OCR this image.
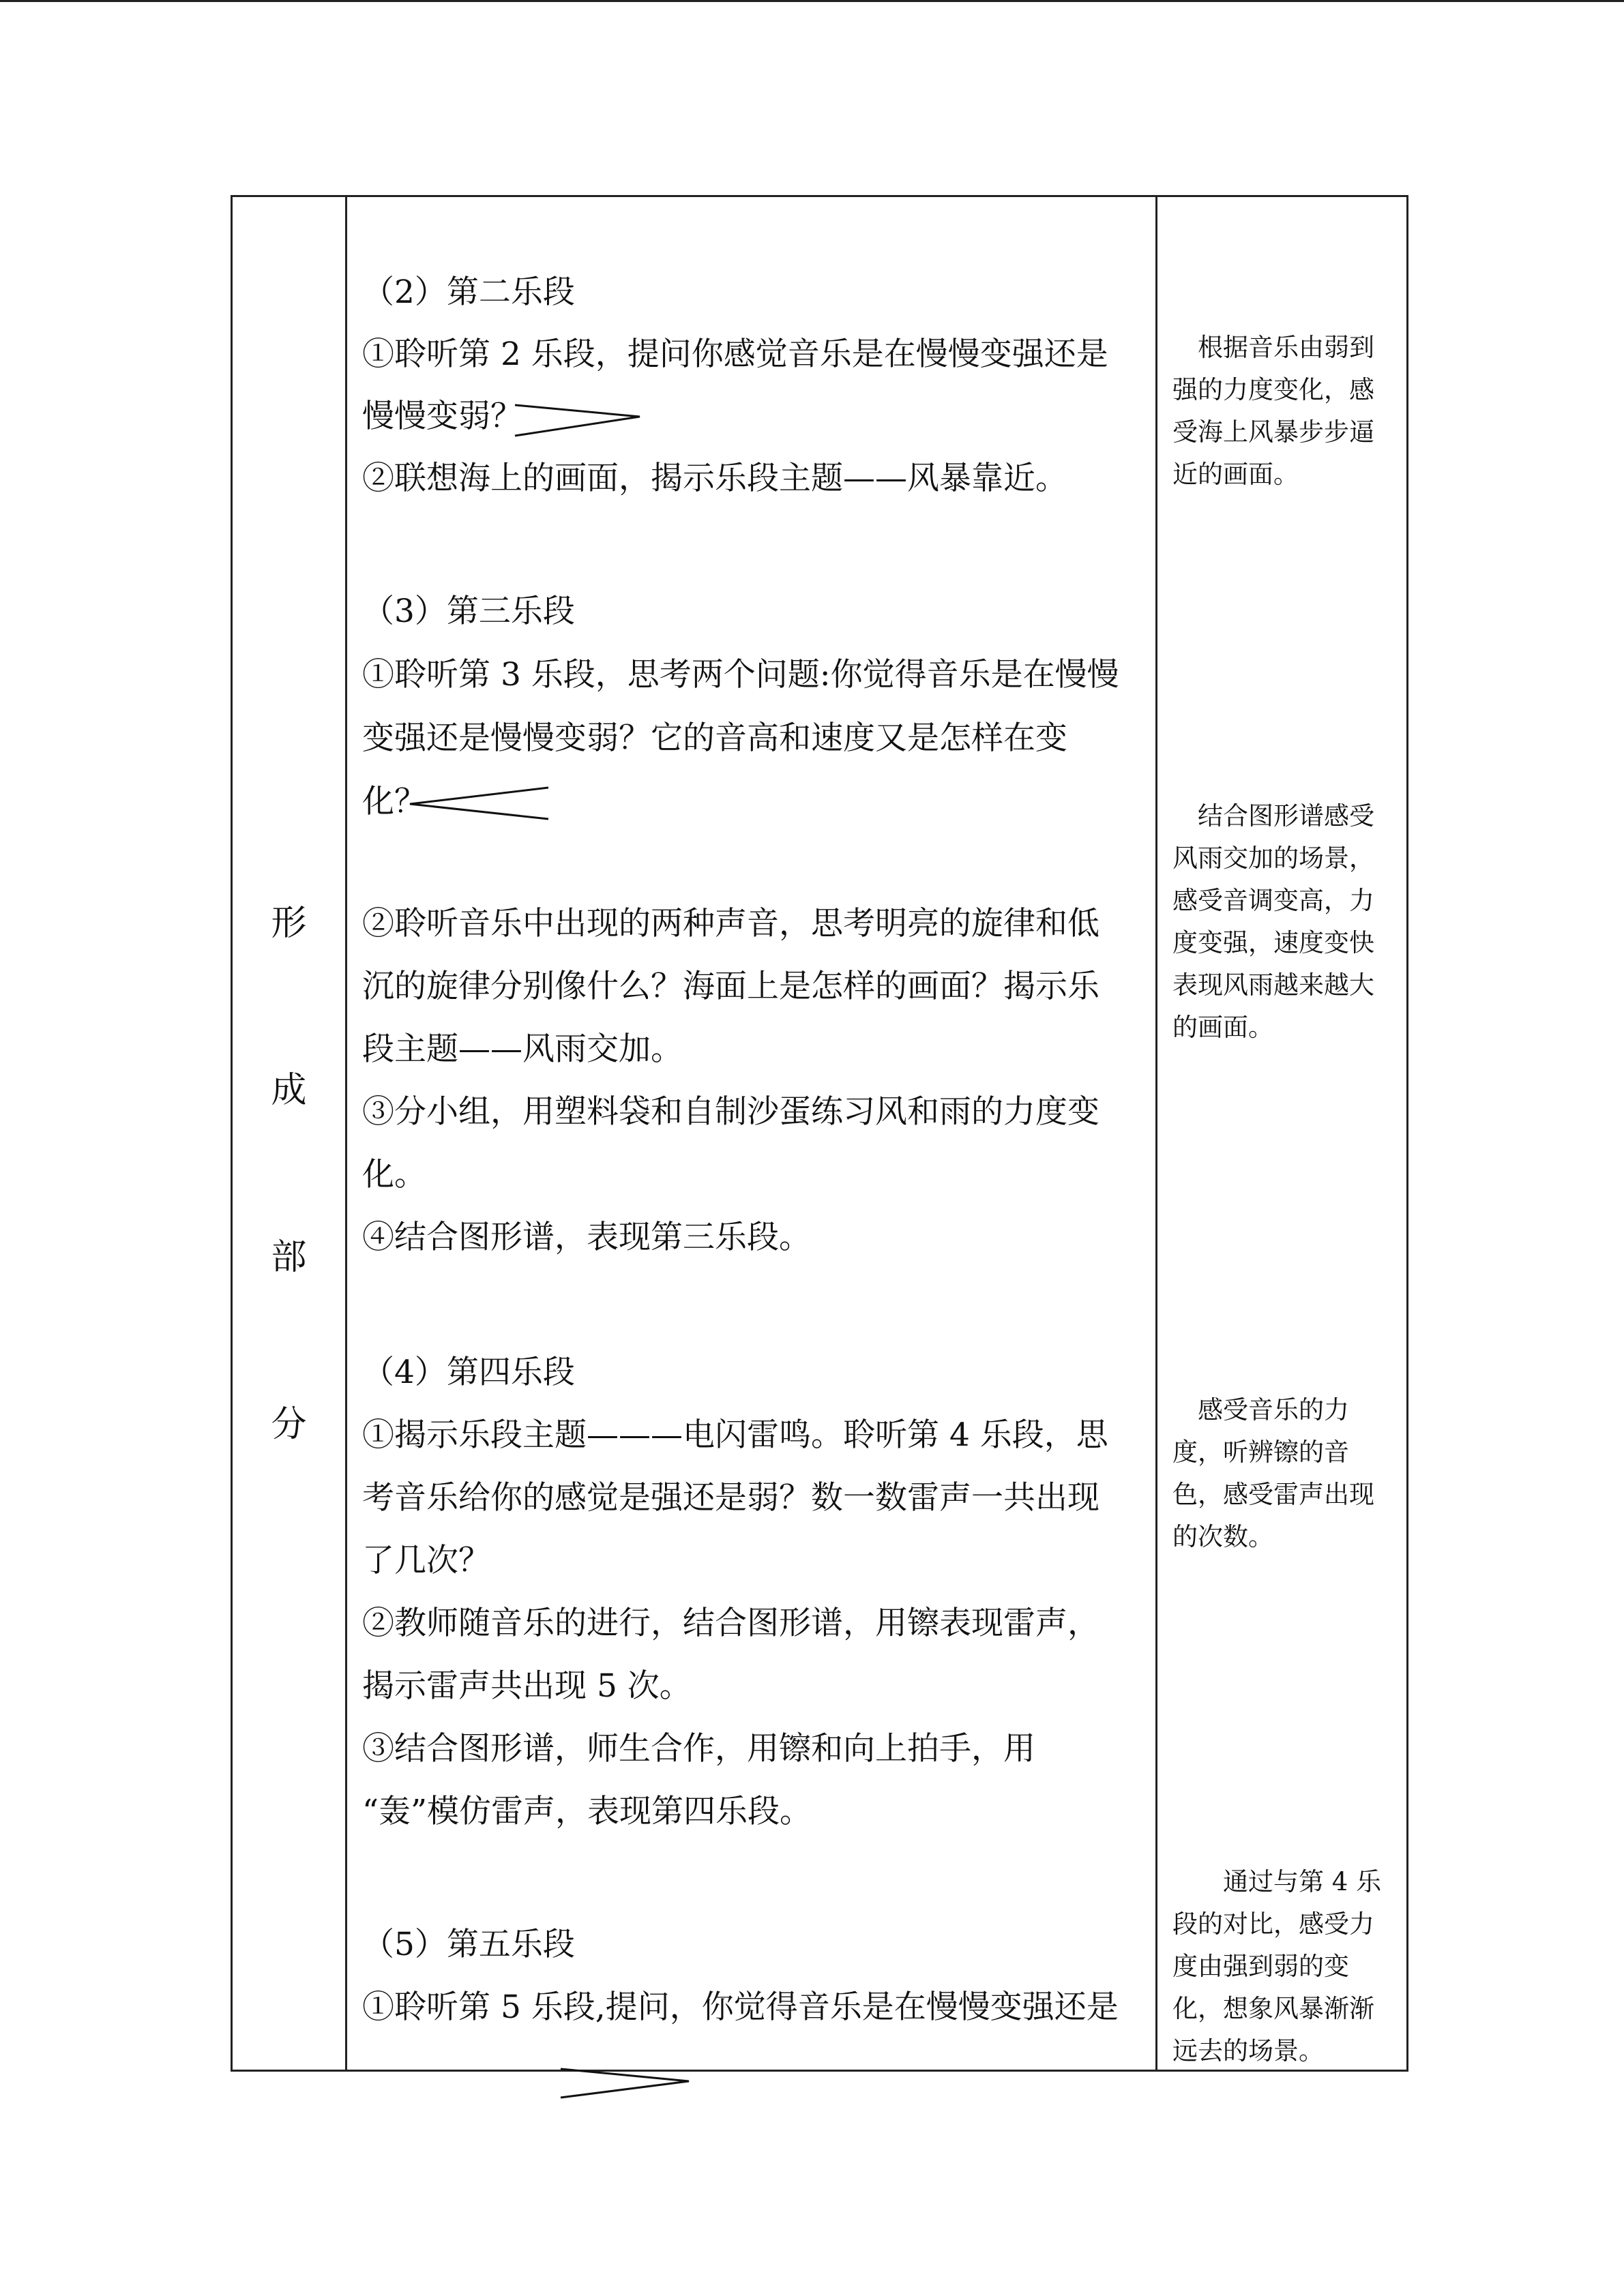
形
成
部
分
（2）第二乐段
①聆听第 2 乐段，提问你感觉音乐是在慢慢变强还是
慢慢变弱？
②联想海上的画面，揭示乐段主题——风暴靠近。
（3）第三乐段
①聆听第 3 乐段，思考两个问题:你觉得音乐是在慢慢
变强还是慢慢变弱？它的音高和速度又是怎样在变
化？
②聆听音乐中出现的两种声音，思考明亮的旋律和低
沉的旋律分别像什么？海面上是怎样的画面？揭示乐
段主题——风雨交加。
③分小组，用塑料袋和自制沙蛋练习风和雨的力度变
化。
④结合图形谱，表现第三乐段。
（4）第四乐段
①揭示乐段主题———电闪雷鸣。聆听第 4 乐段，思
考音乐给你的感觉是强还是弱？数一数雷声一共出现
了几次？
②教师随音乐的进行，结合图形谱，用镲表现雷声，
揭示雷声共出现 5 次。
③结合图形谱，师生合作，用镲和向上拍手，用
“轰”模仿雷声，表现第四乐段。
（5）第五乐段
①聆听第 5 乐段,提问，你觉得音乐是在慢慢变强还是
　根据音乐由弱到
强的力度变化，感
受海上风暴步步逼
近的画面。
　结合图形谱感受
风雨交加的场景，
感受音调变高，力
度变强，速度变快
表现风雨越来越大
的画面。
　感受音乐的力
度，听辨镲的音
色，感受雷声出现
的次数。
　　通过与第 4 乐
段的对比，感受力
度由强到弱的变
化，想象风暴渐渐
远去的场景。
